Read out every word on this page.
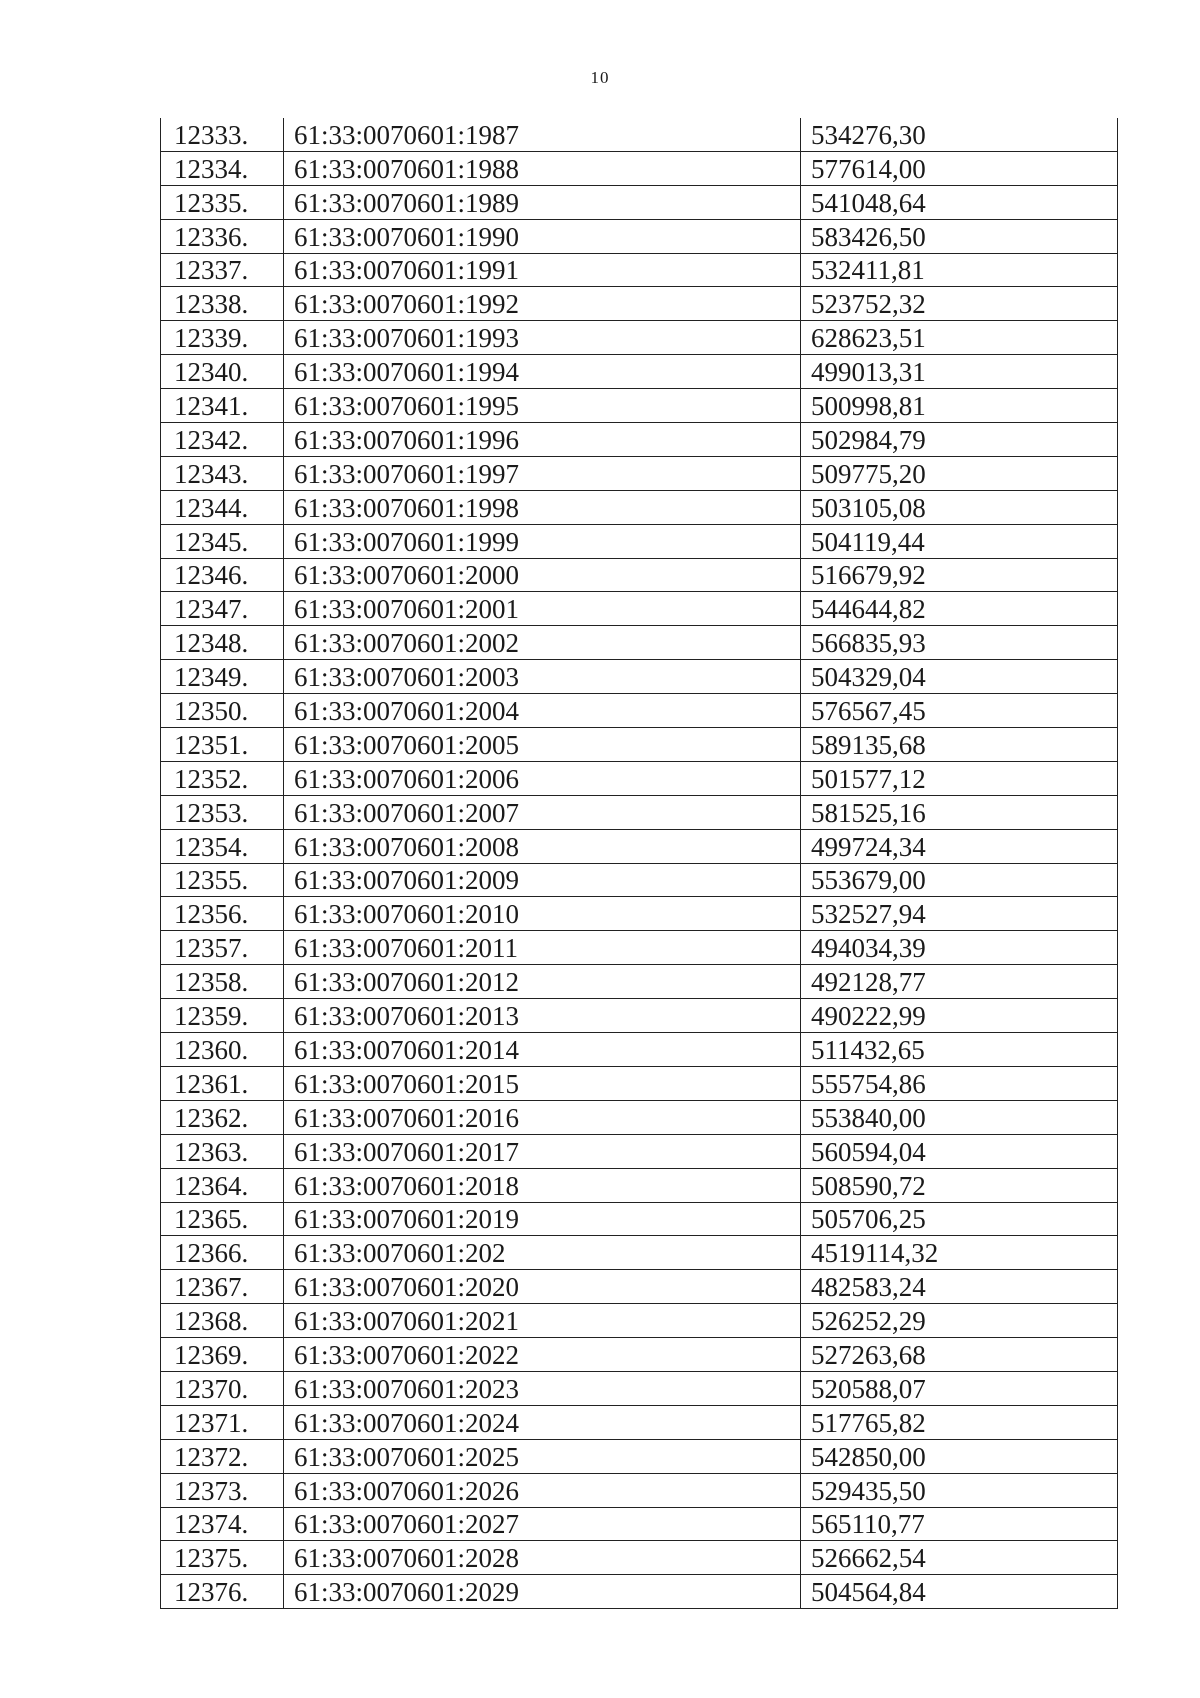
10
12333.	61:33:0070601:1987	534276,30
12334.	61:33:0070601:1988	577614,00
12335.	61:33:0070601:1989	541048,64
12336.	61:33:0070601:1990	583426,50
12337.	61:33:0070601:1991	532411,81
12338.	61:33:0070601:1992	523752,32
12339.	61:33:0070601:1993	628623,51
12340.	61:33:0070601:1994	499013,31
12341.	61:33:0070601:1995	500998,81
12342.	61:33:0070601:1996	502984,79
12343.	61:33:0070601:1997	509775,20
12344.	61:33:0070601:1998	503105,08
12345.	61:33:0070601:1999	504119,44
12346.	61:33:0070601:2000	516679,92
12347.	61:33:0070601:2001	544644,82
12348.	61:33:0070601:2002	566835,93
12349.	61:33:0070601:2003	504329,04
12350.	61:33:0070601:2004	576567,45
12351.	61:33:0070601:2005	589135,68
12352.	61:33:0070601:2006	501577,12
12353.	61:33:0070601:2007	581525,16
12354.	61:33:0070601:2008	499724,34
12355.	61:33:0070601:2009	553679,00
12356.	61:33:0070601:2010	532527,94
12357.	61:33:0070601:2011	494034,39
12358.	61:33:0070601:2012	492128,77
12359.	61:33:0070601:2013	490222,99
12360.	61:33:0070601:2014	511432,65
12361.	61:33:0070601:2015	555754,86
12362.	61:33:0070601:2016	553840,00
12363.	61:33:0070601:2017	560594,04
12364.	61:33:0070601:2018	508590,72
12365.	61:33:0070601:2019	505706,25
12366.	61:33:0070601:202	4519114,32
12367.	61:33:0070601:2020	482583,24
12368.	61:33:0070601:2021	526252,29
12369.	61:33:0070601:2022	527263,68
12370.	61:33:0070601:2023	520588,07
12371.	61:33:0070601:2024	517765,82
12372.	61:33:0070601:2025	542850,00
12373.	61:33:0070601:2026	529435,50
12374.	61:33:0070601:2027	565110,77
12375.	61:33:0070601:2028	526662,54
12376.	61:33:0070601:2029	504564,84
